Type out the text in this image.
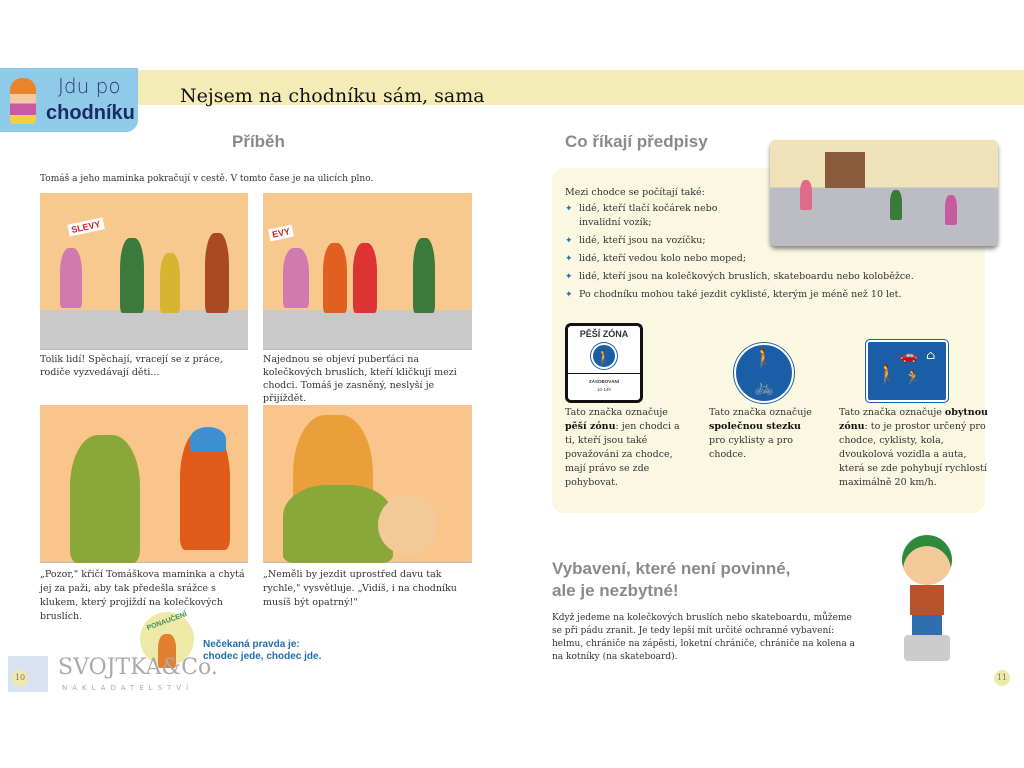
Jdu po
chodníku
Nejsem na chodníku sám, sama
Příběh
Tomáš a jeho maminka pokračují v cestě. V tomto čase je na ulicích plno.
SLEVY	EVY
Tolik lidí! Spěchají, vracejí se z práce, rodiče vyzvedávají děti...
Najednou se objeví puberťáci na kolečkových bruslích, kteří kličkují mezi chodci. Tomáš je zasněný, neslyší je přijíždět.
„Pozor," křičí Tomáškova maminka a chytá jej za paži, aby tak předešla srážce s klukem, který projíždí na kolečkových bruslích.
„Neměli by jezdit uprostřed davu tak rychle," vysvětluje. „Vidíš, i na chodníku musíš být opatrný!"
PONAUČENÍ
Nečekaná pravda je:
chodec jede, chodec jde.
SVOJTKA&Co.
NAKLADATELSTVÍ
10
Co říkají předpisy
Mezi chodce se počítají také:
✦ lidé, kteří tlačí kočárek nebo invalidní vozík;
✦ lidé, kteří jsou na vozíčku;
✦ lidé, kteří vedou kolo nebo moped;
✦ lidé, kteří jsou na kolečkových bruslích, skateboardu nebo koloběžce.
✦ Po chodníku mohou také jezdit cyklisté, kterým je méně než 10 let.
PĚŠÍ ZÓNA
🚶
ZÁSOBOVÁNÍ
10-14h
🚶
🚲
🚶
🚗 ⌂
🏃
Tato značka označuje pěší zónu: jen chodci a ti, kteří jsou také považováni za chodce, mají právo se zde pohybovat.
Tato značka označuje společnou stezku pro cyklisty a pro chodce.
Tato značka označuje obytnou zónu: to je prostor určený pro chodce, cyklisty, kola, dvoukolová vozidla a auta, která se zde pohybují rychlostí maximálně 20 km/h.
Vybavení, které není povinné,
ale je nezbytné!
Když jedeme na kolečkových bruslích nebo skateboardu, můžeme se při pádu zranit. Je tedy lepší mít určité ochranné vybavení: helmu, chrániče na zápěstí, loketní chrániče, chrániče na kolena a na kotníky (na skateboard).
11
